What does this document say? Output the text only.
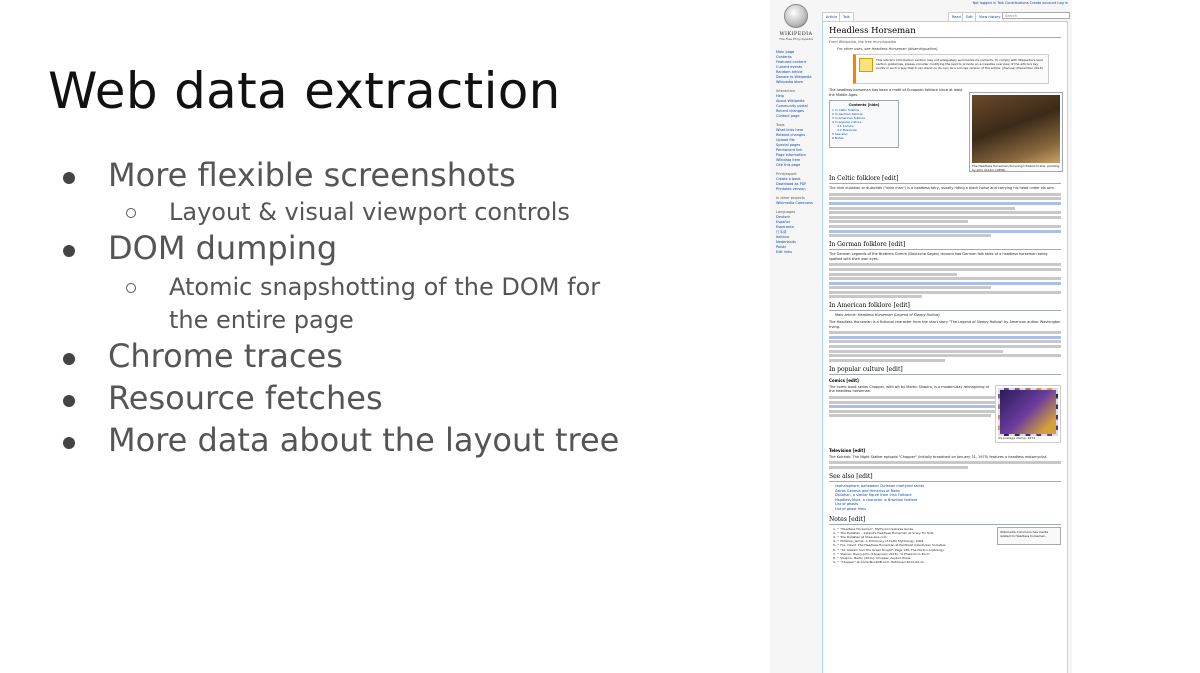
Web data extraction
More flexible screenshots
Layout & visual viewport controls
DOM dumping
Atomic snapshotting of the DOM for
the entire page
Chrome traces
Resource fetches
More data about the layout tree
WIKIPEDIA
The Free Encyclopedia
Not logged in Talk Contributions Create account Log in
Article	Talk	Read	Edit	View history	Search
Main page
Contents
Featured content
Current events
Random article
Donate to Wikipedia
Wikipedia store
Interaction
Help
About Wikipedia
Community portal
Recent changes
Contact page
Tools
What links here
Related changes
Upload file
Special pages
Permanent link
Page information
Wikidata item
Cite this page
Print/export
Create a book
Download as PDF
Printable version
In other projects
Wikimedia Commons
Languages
Deutsch
Español
Esperanto
日本語
Italiano
Nederlands
Polski
Edit links
Headless Horseman
From Wikipedia, the free encyclopedia
For other uses, see Headless Horseman (disambiguation).
This article's introduction section may not adequately summarize its contents. To comply with Wikipedia's lead section guidelines, please consider modifying the lead to provide an accessible overview of the article's key points in such a way that it can stand on its own as a concise version of the article. (discuss) (December 2016)
The Headless Horseman Pursuing Ichabod Crane, painting by John Quidor (1858).
The headless horseman has been a motif of European folklore since at least the Middle Ages.
Contents [hide]
1 In Celtic folklore
2 In German folklore
3 In American folklore
4 In popular culture
4.1 Comics
4.2 Television
5 See also
6 Notes
In Celtic folklore [edit]
The Irish dullahan or dulachán ("dark man") is a headless fairy, usually riding a black horse and carrying his head under his arm.
In German folklore [edit]
The German Legends of the Brothers Grimm (Deutsche Sagen) recount two German folk tales of a headless horseman being spotted with their own eyes.
In American folklore [edit]
Main article: Headless Horseman (Legend of Sleepy Hollow)
The Headless Horseman is a fictional character from the short story "The Legend of Sleepy Hollow" by American author Washington Irving.
In popular culture [edit]
Comics [edit]
US postage stamp, 1974
The comic book series Chopper, with art by Martin Shapiro, is a modern-day reimagining of the headless horseman.
Television [edit]
The Kolchak: The Night Stalker episode "Chopper" (initially broadcast on January 31, 1975) features a headless motorcyclist.
See also [edit]
cephalophore, beheaded Christian martyred saints
Saints Genesis and Himerius of Bodo
Dullahan, a similar figure from Irish Folklore
Headless Mule, a character in Brazilian folklore
List of ghosts
List of ghost films
Notes [edit]
Wikimedia Commons has media related to Headless horsemen.
1. ^ "Headless Horseman". Mythical Creatures Guide.
2. ^ The Dullahan – Ireland's Headless Horseman at Scary For Kids
3. ^ The Dullahan at Shee-eire.com
4. ^ McKillop, James. A Dictionary of Celtic Mythology, 2004.
5. ^ Fox, David. The Headless Horseman at Pantheist Caledonian Societies
6. ^ "Sir Gawain And The Green Knight", Page 136, The Norton Anthology
7. ^ Steiner, Henry-John (16 January 2016). "A Phantom is Born"
8. ^ Shapiro, Martin (2011). Chopper. Asylum Press.
9. ^ "Chopper" at ComicBookDB.com. Retrieved 2012-03-11.
